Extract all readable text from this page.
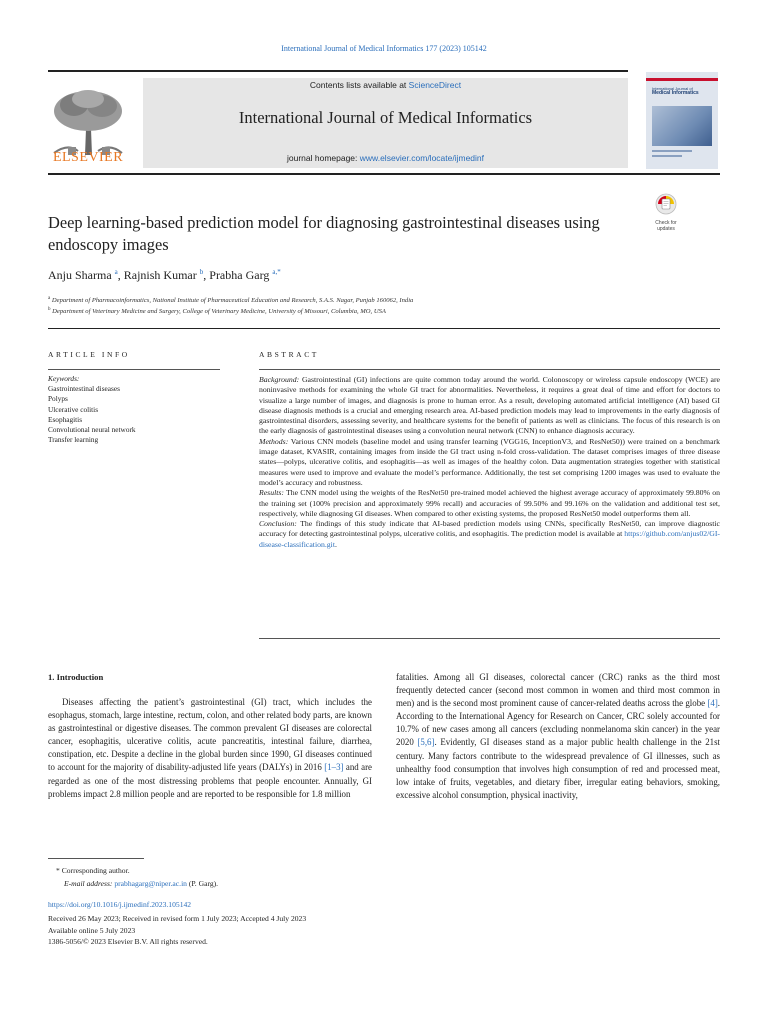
International Journal of Medical Informatics 177 (2023) 105142
ELSEVIER
Contents lists available at ScienceDirect
International Journal of Medical Informatics
journal homepage: www.elsevier.com/locate/ijmedinf
International Journal of
Medical Informatics
Check for
updates
Deep learning-based prediction model for diagnosing gastrointestinal diseases using endoscopy images
Anju Sharma $^a$, Rajnish Kumar $^b$, Prabha Garg $^{a,*}$
$^a$ Department of Pharmacoinformatics, National Institute of Pharmaceutical Education and Research, S.A.S. Nagar, Punjab 160062, India
$^b$ Department of Veterinary Medicine and Surgery, College of Veterinary Medicine, University of Missouri, Columbia, MO, USA
ARTICLE INFO
Keywords:
Gastrointestinal diseases
Polyps
Ulcerative colitis
Esophagitis
Convolutional neural network
Transfer learning
ABSTRACT

Background: Gastrointestinal (GI) infections are quite common today around the world. Colonoscopy or wireless capsule endoscopy (WCE) are noninvasive methods for examining the whole GI tract for abnormalities. Nevertheless, it requires a great deal of time and effort for doctors to visualize a large number of images, and diagnosis is prone to human error. As a result, developing automated artificial intelligence (AI) based GI disease diagnosis methods is a crucial and emerging research area. AI-based prediction models may lead to improvements in the early diagnosis of gastrointestinal disorders, assessing severity, and healthcare systems for the benefit of patients as well as clinicians. The focus of this research is on the early diagnosis of gastrointestinal diseases using a convolution neural network (CNN) to enhance diagnosis accuracy.

Methods: Various CNN models (baseline model and using transfer learning (VGG16, InceptionV3, and ResNet50)) were trained on a benchmark image dataset, KVASIR, containing images from inside the GI tract using n-fold cross-validation. The dataset comprises images of three disease states—polyps, ulcerative colitis, and esophagitis—as well as images of the healthy colon. Data augmentation strategies together with statistical measures were used to improve and evaluate the model’s performance. Additionally, the test set comprising 1200 images was used to evaluate the model’s accuracy and robustness.

Results: The CNN model using the weights of the ResNet50 pre-trained model achieved the highest average accuracy of approximately 99.80% on the training set (100% precision and approximately 99% recall) and accuracies of 99.50% and 99.16% on the validation and additional test set, respectively, while diagnosing GI diseases. When compared to other existing systems, the proposed ResNet50 model outperforms them all.

Conclusion: The findings of this study indicate that AI-based prediction models using CNNs, specifically ResNet50, can improve diagnostic accuracy for detecting gastrointestinal polyps, ulcerative colitis, and esophagitis. The prediction model is available at https://github.com/anjus02/GI-disease-classification.git.

1. Introduction

Diseases affecting the patient’s gastrointestinal (GI) tract, which includes the esophagus, stomach, large intestine, rectum, colon, and other related body parts, are known as gastrointestinal or digestive diseases. The common prevalent GI diseases are colorectal cancer, esophagitis, ulcerative colitis, acute pancreatitis, intestinal failure, diarrhea, constipation, etc. Despite a decline in the global burden since 1990, GI diseases continued to account for the majority of disability-adjusted life years (DALYs) in 2016 [1–3] and are regarded as one of the most distressing problems that people encounter. Annually, GI problems impact 2.8 million people and are reported to be responsible for 1.8 million

fatalities. Among all GI diseases, colorectal cancer (CRC) ranks as the third most frequently detected cancer (second most common in women and third most common in men) and is the second most prominent cause of cancer-related deaths across the globe [4]. According to the International Agency for Research on Cancer, CRC solely accounted for 10.7% of new cases among all cancers (excluding nonmelanoma skin cancer) in the year 2020 [5,6]. Evidently, GI diseases stand as a major public health challenge in the 21st century. Many factors contribute to the widespread prevalence of GI illnesses, such as unhealthy food consumption that involves high consumption of red and processed meat, low intake of fruits, vegetables, and dietary fiber, irregular eating behaviors, smoking, excessive alcohol consumption, physical inactivity,

* Corresponding author.
E-mail address: prabhagarg@niper.ac.in (P. Garg).
https://doi.org/10.1016/j.ijmedinf.2023.105142
Received 26 May 2023; Received in revised form 1 July 2023; Accepted 4 July 2023
Available online 5 July 2023
1386-5056/© 2023 Elsevier B.V. All rights reserved.
